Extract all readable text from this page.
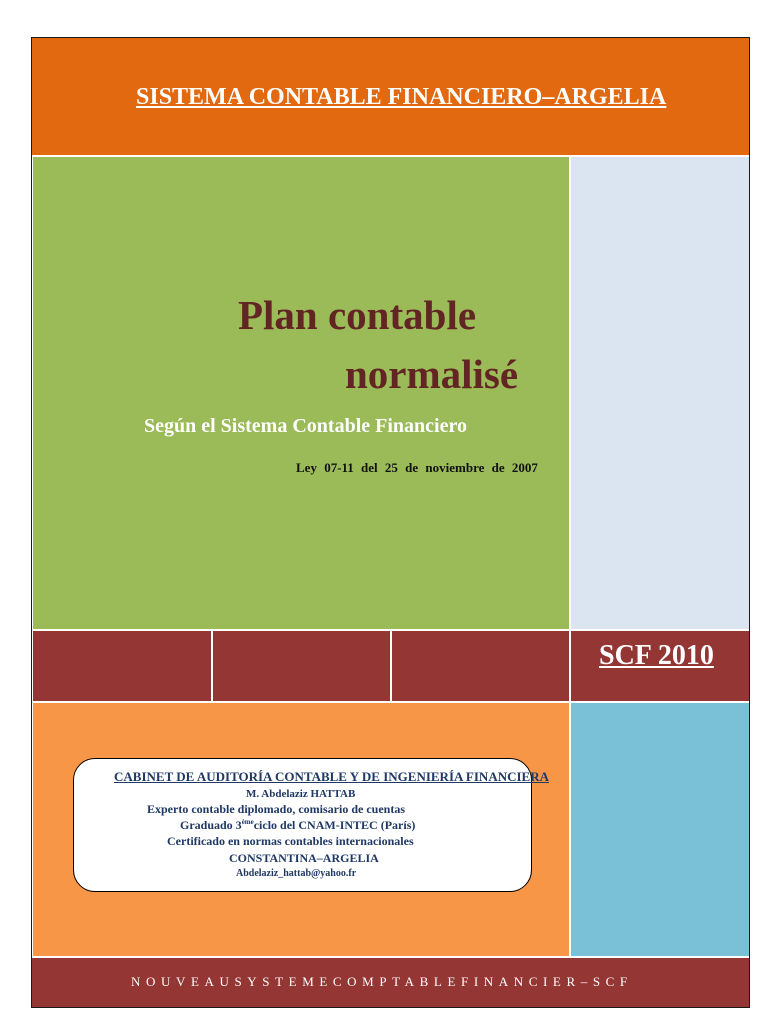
SISTEMA CONTABLE FINANCIERO–ARGELIA
Plan contable
normalisé
Según el Sistema Contable Financiero
Ley 07-11 del 25 de noviembre de 2007
SCF 2010
CABINET DE AUDITORÍA CONTABLE Y DE INGENIERÍA FINANCIERA
M. Abdelaziz HATTAB
Experto contable diplomado, comisario de cuentas
Graduado 3èmeciclo del CNAM-INTEC (París)
Certificado en normas contables internacionales
CONSTANTINA–ARGELIA
Abdelaziz_hattab@yahoo.fr
NOUVEAUSYSTEMECOMPTABLEFINANCIER–SCF
